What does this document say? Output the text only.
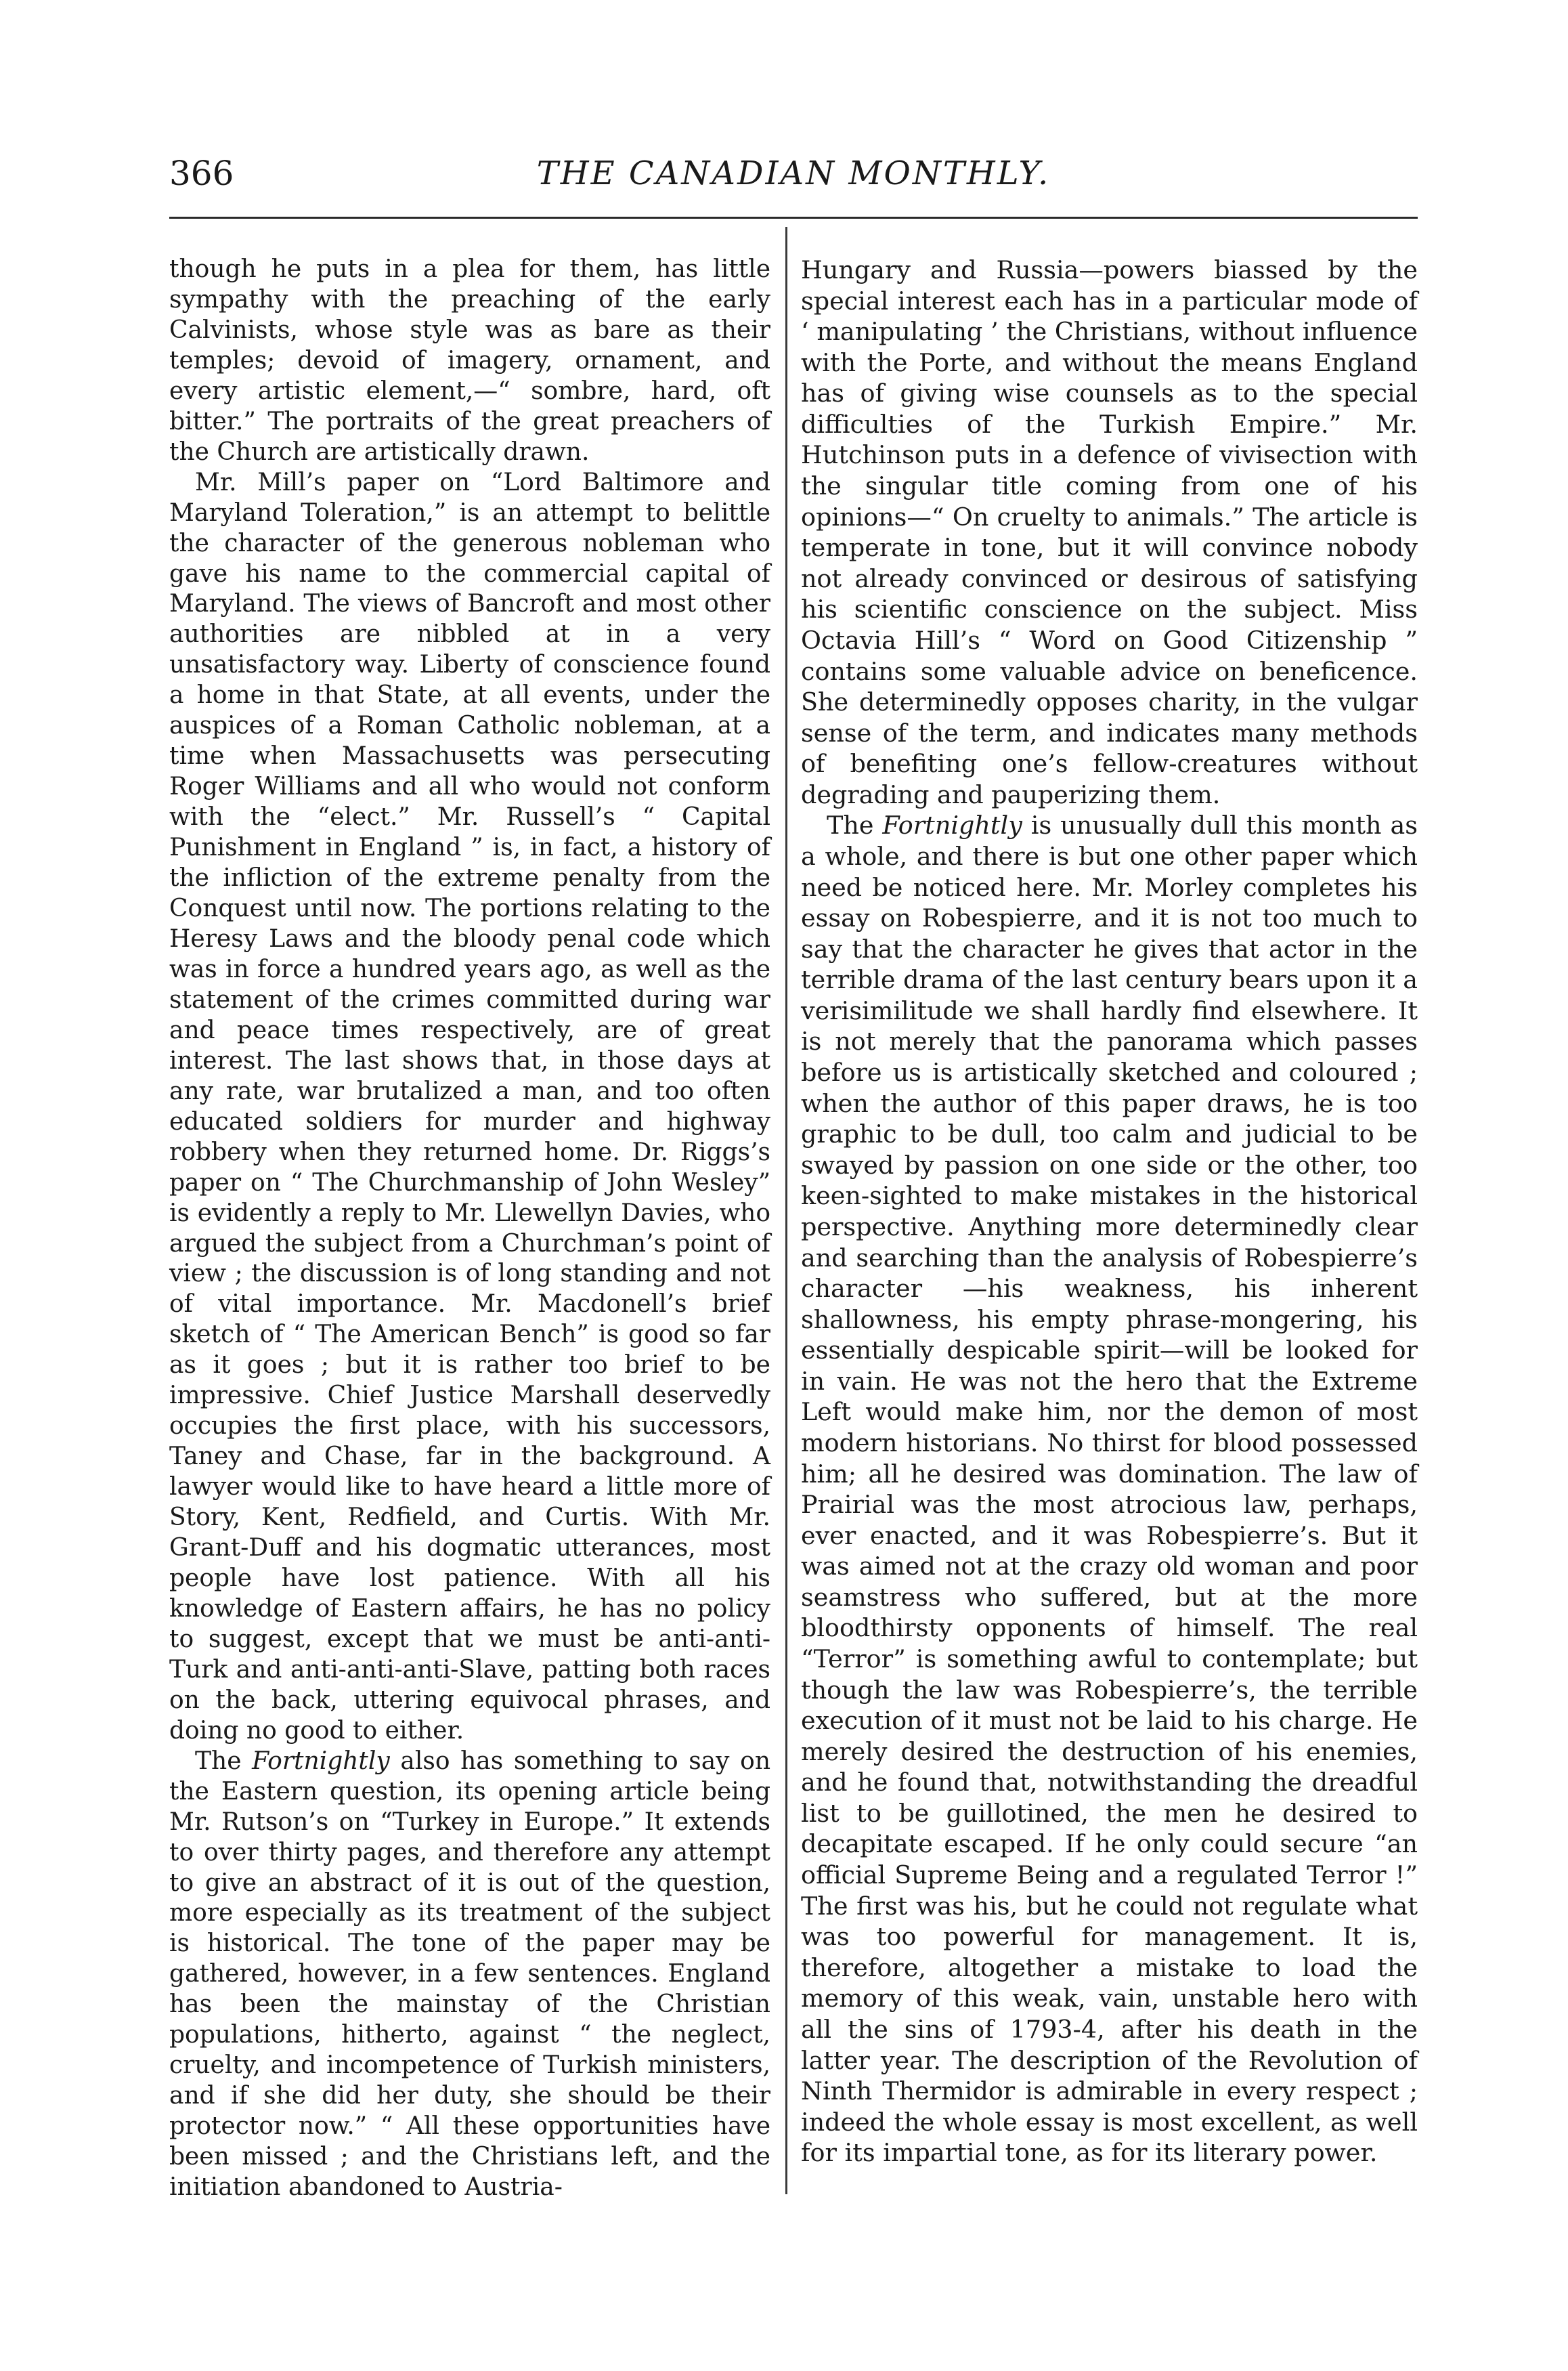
366	THE CANADIAN MONTHLY.

though he puts in a plea for them, has little sympathy with the preaching of the early Calvinists, whose style was as bare as their temples; devoid of imagery, ornament, and every artistic element,—“ sombre, hard, oft bitter.” The portraits of the great preachers of the Church are artistically drawn.

Mr. Mill’s paper on “Lord Baltimore and Maryland Toleration,” is an attempt to belittle the character of the generous nobleman who gave his name to the commercial capital of Maryland. The views of Bancroft and most other authorities are nibbled at in a very unsatisfactory way. Liberty of conscience found a home in that State, at all events, under the auspices of a Roman Catholic nobleman, at a time when Massachusetts was persecuting Roger Williams and all who would not conform with the “elect.” Mr. Russell’s “ Capital Punishment in England ” is, in fact, a history of the infliction of the extreme penalty from the Conquest until now. The portions relating to the Heresy Laws and the bloody penal code which was in force a hundred years ago, as well as the statement of the crimes committed during war and peace times respectively, are of great interest. The last shows that, in those days at any rate, war brutalized a man, and too often educated soldiers for murder and highway robbery when they returned home. Dr. Riggs’s paper on “ The Churchmanship of John Wesley” is evidently a reply to Mr. Llewellyn Davies, who argued the subject from a Churchman’s point of view ; the discussion is of long standing and not of vital importance. Mr. Macdonell’s brief sketch of “ The American Bench” is good so far as it goes ; but it is rather too brief to be impressive. Chief Justice Marshall deservedly occupies the first place, with his successors, Taney and Chase, far in the background. A lawyer would like to have heard a little more of Story, Kent, Redfield, and Curtis. With Mr. Grant-Duff and his dogmatic utterances, most people have lost patience. With all his knowledge of Eastern affairs, he has no policy to suggest, except that we must be anti-anti-Turk and anti-anti-anti-Slave, patting both races on the back, uttering equivocal phrases, and doing no good to either.

The Fortnightly also has something to say on the Eastern question, its opening article being Mr. Rutson’s on “Turkey in Europe.” It extends to over thirty pages, and therefore any attempt to give an abstract of it is out of the question, more especially as its treatment of the subject is historical. The tone of the paper may be gathered, however, in a few sentences. England has been the mainstay of the Christian populations, hitherto, against “ the neglect, cruelty, and incompetence of Turkish ministers, and if she did her duty, she should be their protector now.” “ All these opportunities have been missed ; and the Christians left, and the initiation abandoned to Austria-

Hungary and Russia—powers biassed by the special interest each has in a particular mode of ‘ manipulating ’ the Christians, without influence with the Porte, and without the means England has of giving wise counsels as to the special difficulties of the Turkish Empire.” Mr. Hutchinson puts in a defence of vivisection with the singular title coming from one of his opinions—“ On cruelty to animals.” The article is temperate in tone, but it will convince nobody not already convinced or desirous of satisfying his scientific conscience on the subject. Miss Octavia Hill’s “ Word on Good Citizenship ” contains some valuable advice on beneficence. She determinedly opposes charity, in the vulgar sense of the term, and indicates many methods of benefiting one’s fellow-creatures without degrading and pauperizing them.

The Fortnightly is unusually dull this month as a whole, and there is but one other paper which need be noticed here. Mr. Morley completes his essay on Robespierre, and it is not too much to say that the character he gives that actor in the terrible drama of the last century bears upon it a verisimilitude we shall hardly find elsewhere. It is not merely that the panorama which passes before us is artistically sketched and coloured ; when the author of this paper draws, he is too graphic to be dull, too calm and judicial to be swayed by passion on one side or the other, too keen-sighted to make mistakes in the historical perspective. Anything more determinedly clear and searching than the analysis of Robespierre’s character —his weakness, his inherent shallowness, his empty phrase-mongering, his essentially despicable spirit—will be looked for in vain. He was not the hero that the Extreme Left would make him, nor the demon of most modern historians. No thirst for blood possessed him; all he desired was domination. The law of Prairial was the most atrocious law, perhaps, ever enacted, and it was Robespierre’s. But it was aimed not at the crazy old woman and poor seamstress who suffered, but at the more bloodthirsty opponents of himself. The real “Terror” is something awful to contemplate; but though the law was Robespierre’s, the terrible execution of it must not be laid to his charge. He merely desired the destruction of his enemies, and he found that, notwithstanding the dreadful list to be guillotined, the men he desired to decapitate escaped. If he only could secure “an official Supreme Being and a regulated Terror !” The first was his, but he could not regulate what was too powerful for management. It is, therefore, altogether a mistake to load the memory of this weak, vain, unstable hero with all the sins of 1793-4, after his death in the latter year. The description of the Revolution of Ninth Thermidor is admirable in every respect ; indeed the whole essay is most excellent, as well for its impartial tone, as for its literary power.
